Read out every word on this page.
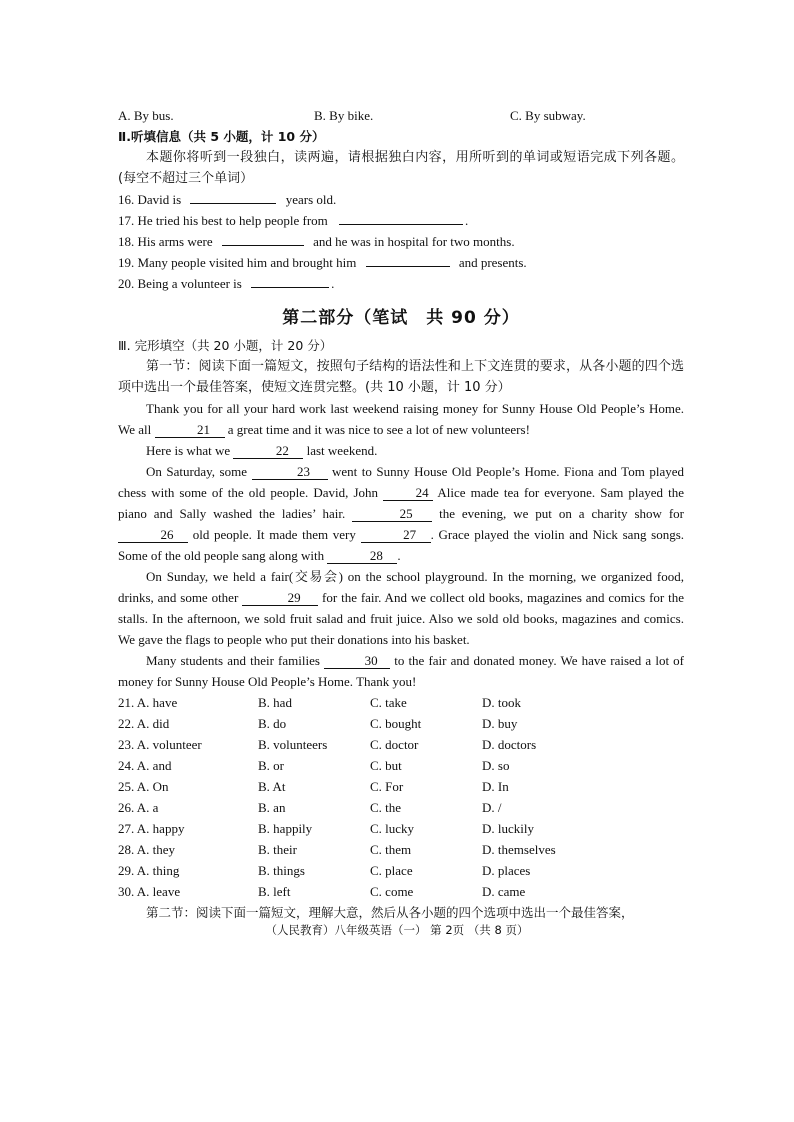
A. By bus.	B. By bike.	C. By subway.
Ⅱ.听填信息（共 5 小题，计 10 分）
本题你将听到一段独白，读两遍，请根据独白内容，用所听到的单词或短语完成下列各题。(每空不超过三个单词）
16. David is	years old.
17. He tried his best to help people from	.
18. His arms were	and he was in hospital for two months.
19. Many people visited him and brought him	and presents.
20. Being a volunteer is	.
第二部分（笔试　共 90 分）
Ⅲ. 完形填空（共 20 小题，计 20 分）
第一节：阅读下面一篇短文，按照句子结构的语法性和上下文连贯的要求，从各小题的四个选项中选出一个最佳答案，使短文连贯完整。(共 10 小题，计 10 分）
Thank you for all your hard work last weekend raising money for Sunny House Old People’s Home. We all	21 a great time and it was nice to see a lot of new volunteers!
Here is what we	22 last weekend.
On Saturday, some	23 went to Sunny House Old People’s Home. Fiona and Tom played chess with some of the old people. David, John	24 Alice made tea for everyone. Sam played the piano and Sally washed the ladies’ hair.	25 the evening, we put on a charity show for 26 old people. It made them very	27 . Grace played the violin and Nick sang songs. Some of the old people sang along with	28 .
On Sunday, we held a fair(交易会) on the school playground. In the morning, we organized food, drinks, and some other	29 for the fair. And we collect old books, magazines and comics for the stalls. In the afternoon, we sold fruit salad and fruit juice. Also we sold old books, magazines and comics. We gave the flags to people who put their donations into his basket.
Many students and their families	30 to the fair and donated money. We have raised a lot of money for Sunny House Old People’s Home. Thank you!
21. A. have	B. had	C. take	D. took
22. A. did	B. do	C. bought	D. buy
23. A. volunteer	B. volunteers	C. doctor	D. doctors
24. A. and	B. or	C. but	D. so
25. A. On	B. At	C. For	D. In
26. A. a	B. an	C. the	D. /
27. A. happy	B. happily	C. lucky	D. luckily
28. A. they	B. their	C. them	D. themselves
29. A. thing	B. things	C. place	D. places
30. A. leave	B. left	C. come	D. came
第二节：阅读下面一篇短文，理解大意，然后从各小题的四个选项中选出一个最佳答案，
（人民教育）八年级英语（一） 第 2页 （共 8 页）
